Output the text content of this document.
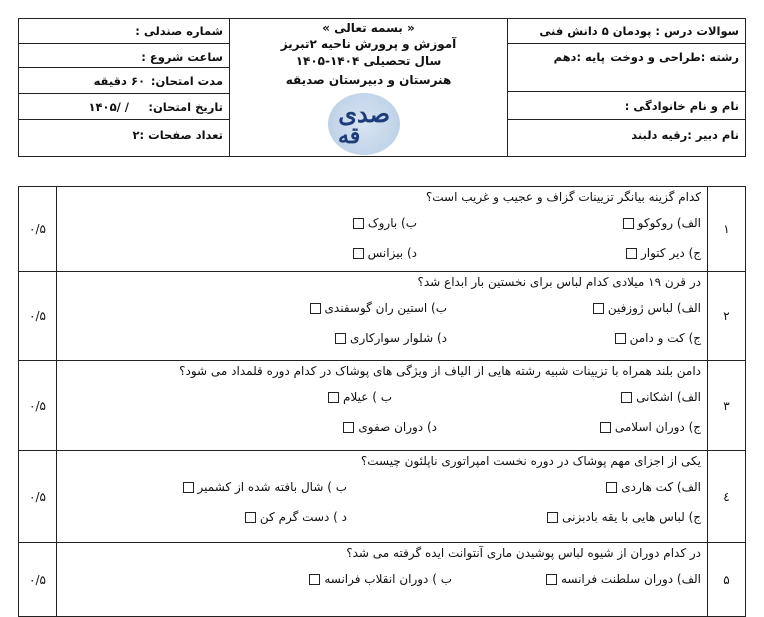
سوالات درس : پودمان ۵ دانش فنی
رشته :طراحی و دوخت
پایه :دهم
نام و نام خانوادگی :
نام دبیر :رقیه دلبند
« بسمه تعالی »
آموزش و پرورش ناحیه ۲تبریز
سال تحصیلی ۱۴۰۴-۱۴۰۵
هنرستان و دبیرستان صدیقه
صدی
قه
شماره صندلی :
ساعت شروع :
مدت امتحان:
۶۰ دقیقه
تاریخ امتحان:
/ /۱۴۰۵
تعداد صفحات :۲
۱	کدام گزینه بیانگر تزیینات گزاف و عجیب و غریب است؟
الف) روکوکو
ب) باروک
ج) دیر کتوار
د) بیزانس	۰/۵
۲	در قرن ۱۹ میلادی کدام لباس برای نخستین بار ابداع شد؟
الف) لباس ژوزفین
ب) استین ران گوسفندی
ج) کت و دامن
د) شلوار سوارکاری	۰/۵
۳	دامن بلند همراه با تزیینات شبیه رشته هایی از الیاف از ویژگی های پوشاک در کدام دوره قلمداد می شود؟
الف) اشکانی
ب ) عیلام
ج) دوران اسلامی
د) دوران صفوی	۰/۵
٤	یکی از اجزای مهم پوشاک در دوره نخست امپراتوری ناپلئون چیست؟
الف) کت هاردی
ب ) شال بافته شده از کشمیر
ج) لباس هایی با یقه بادبزنی
د ) دست گرم کن	۰/۵
۵	در کدام دوران از شیوه لباس پوشیدن ماری آنتوانت ایده گرفته می شد؟
الف) دوران سلطنت فرانسه
ب ) دوران انقلاب فرانسه	۰/۵
